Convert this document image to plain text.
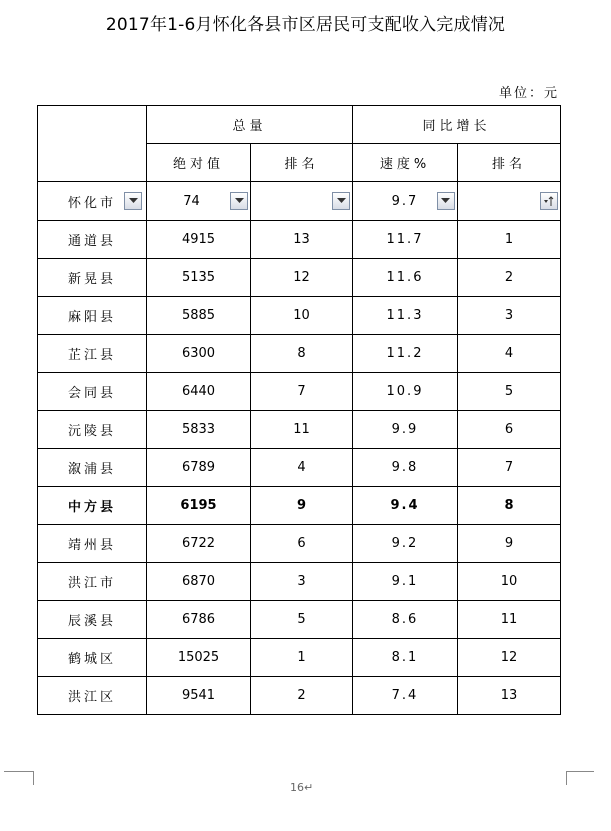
2017年1-6月怀化各县市区居民可支配收入完成情况
单位：元
	总量		同比增长	
	绝对值	排名	速度%	排名
怀化市	74		9.7

通道县	4915	13	11.7	1
新晃县	5135	12	11.6	2
麻阳县	5885	10	11.3	3
芷江县	6300	8	11.2	4
会同县	6440	7	10.9	5
沅陵县	5833	11	9.9	6
溆浦县	6789	4	9.8	7
中方县	6195	9	9.4	8
靖州县	6722	6	9.2	9
洪江市	6870	3	9.1	10
辰溪县	6786	5	8.6	11
鹤城区	15025	1	8.1	12
洪江区	9541	2	7.4	13
16↵
